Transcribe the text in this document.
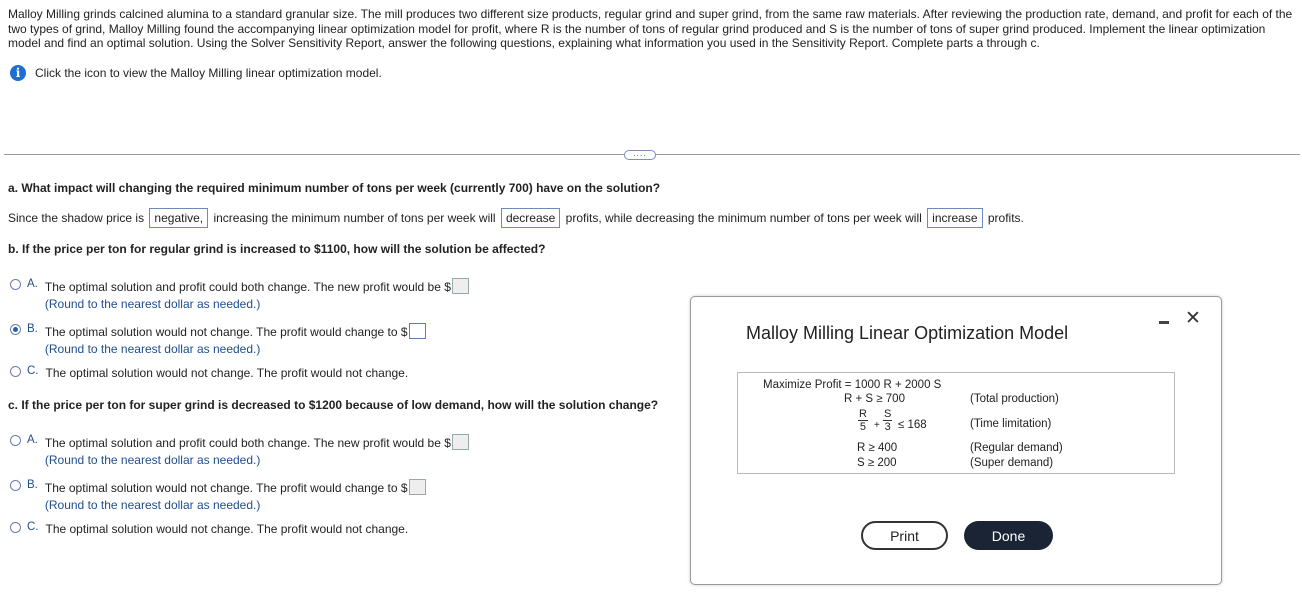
Malloy Milling grinds calcined alumina to a standard granular size. The mill produces two different size products, regular grind and super grind, from the same raw materials. After reviewing the production rate, demand, and profit for each of the two types of grind, Malloy Milling found the accompanying linear optimization model for profit, where R is the number of tons of regular grind produced and S is the number of tons of super grind produced. Implement the linear optimization model and find an optimal solution. Using the Solver Sensitivity Report, answer the following questions, explaining what information you used in the Sensitivity Report. Complete parts a through c.
i	Click the icon to view the Malloy Milling linear optimization model.
....
a. What impact will changing the required minimum number of tons per week (currently 700) have on the solution?
Since the shadow price is negative, increasing the minimum number of tons per week will decrease profits, while decreasing the minimum number of tons per week will increase profits.
b. If the price per ton for regular grind is increased to $1100, how will the solution be affected?
A. The optimal solution and profit could both change. The new profit would be $
(Round to the nearest dollar as needed.)
B. The optimal solution would not change. The profit would change to $
(Round to the nearest dollar as needed.)
C. The optimal solution would not change. The profit would not change.
c. If the price per ton for super grind is decreased to $1200 because of low demand, how will the solution change?
A. The optimal solution and profit could both change. The new profit would be $
(Round to the nearest dollar as needed.)
B. The optimal solution would not change. The profit would change to $
(Round to the nearest dollar as needed.)
C. The optimal solution would not change. The profit would not change.
Malloy Milling Linear Optimization Model
✕
Maximize Profit = 1000 R + 2000 S
R + S ≥ 700	(Total production)
$\frac{R}{5} + \frac{S}{3} \le 168$	(Time limitation)
R ≥ 400	(Regular demand)
S ≥ 200	(Super demand)
Print	Done
